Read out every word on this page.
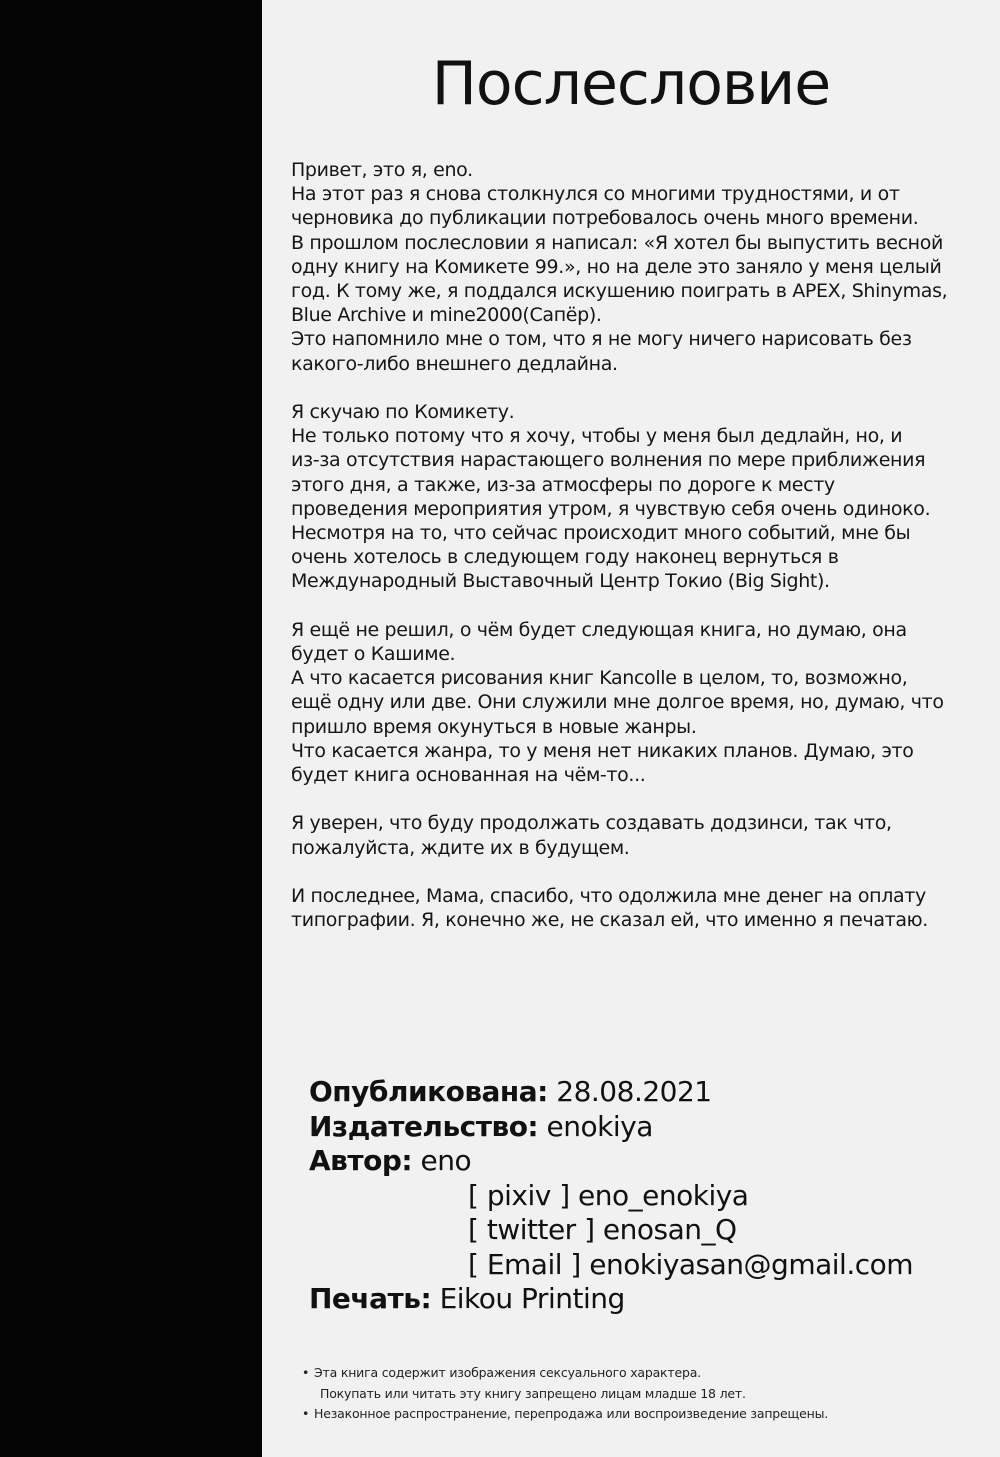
Послесловие

Привет, это я, eno.
На этот раз я снова столкнулся со многими трудностями, и от
черновика до публикации потребовалось очень много времени.
В прошлом послесловии я написал: «Я хотел бы выпустить весной
одну книгу на Комикете 99.», но на деле это заняло у меня целый
год. К тому же, я поддался искушению поиграть в APEX, Shinymas,
Blue Archive и mine2000(Сапёр).
Это напомнило мне о том, что я не могу ничего нарисовать без
какого-либо внешнего дедлайна.

Я скучаю по Комикету.
Не только потому что я хочу, чтобы у меня был дедлайн, но, и
из-за отсутствия нарастающего волнения по мере приближения
этого дня, а также, из-за атмосферы по дороге к месту
проведения мероприятия утром, я чувствую себя очень одиноко.
Несмотря на то, что сейчас происходит много событий, мне бы
очень хотелось в следующем году наконец вернуться в
Международный Выставочный Центр Токио (Big Sight).

Я ещё не решил, о чём будет следующая книга, но думаю, она
будет о Кашиме.
А что касается рисования книг Kancolle в целом, то, возможно,
ещё одну или две. Они служили мне долгое время, но, думаю, что
пришло время окунуться в новые жанры.
Что касается жанра, то у меня нет никаких планов. Думаю, это
будет книга основанная на чём-то...

Я уверен, что буду продолжать создавать додзинси, так что,
пожалуйста, ждите их в будущем.

И последнее, Мама, спасибо, что одолжила мне денег на оплату
типографии. Я, конечно же, не сказал ей, что именно я печатаю.

Опубликована: 28.08.2021
Издательство: enokiya
Автор: eno
[ pixiv ] eno_enokiya
[ twitter ] enosan_Q
[ Email ] enokiyasan@gmail.com
Печать: Eikou Printing
• Эта книга содержит изображения сексуального характера.
Покупать или читать эту книгу запрещено лицам младше 18 лет.
• Незаконное распространение, перепродажа или воспроизведение запрещены.
